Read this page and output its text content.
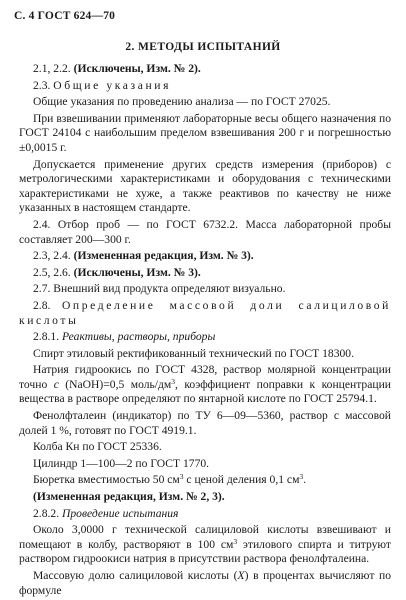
С. 4 ГОСТ 624—70
2. МЕТОДЫ ИСПЫТАНИЙ

2.1, 2.2. (Исключены, Изм. № 2).

2.3. Общие указания

Общие указания по проведению анализа — по ГОСТ 27025.

При взвешивании применяют лабораторные весы общего назначения по ГОСТ 24104 с наибольшим пределом взвешивания 200 г и погрешностью ±0,0015 г.

Допускается применение других средств измерения (приборов) с метрологическими характеристиками и оборудования с техническими характеристиками не хуже, а также реактивов по качеству не ниже указанных в настоящем стандарте.

2.4. Отбор проб — по ГОСТ 6732.2. Масса лабораторной пробы составляет 200—300 г.

2.3, 2.4. (Измененная редакция, Изм. № 3).

2.5, 2.6. (Исключены, Изм. № 3).

2.7. Внешний вид продукта определяют визуально.

2.8. Определение массовой доли салициловой кислоты

2.8.1. Реактивы, растворы, приборы

Спирт этиловый ректификованный технический по ГОСТ 18300.

Натрия гидроокись по ГОСТ 4328, раствор молярной концентрации точно c (NaOH)=0,5 моль/$дм^3$, коэффициент поправки к концентрации вещества в растворе определяют по янтарной кислоте по ГОСТ 25794.1.

Фенолфталеин (индикатор) по ТУ 6—09—5360, раствор с массовой долей 1 %, готовят по ГОСТ 4919.1.

Колба Кн по ГОСТ 25336.

Цилиндр 1—100—2 по ГОСТ 1770.

Бюретка вместимостью 50 $см^3$ с ценой деления 0,1 $см^3$.

(Измененная редакция, Изм. № 2, 3).

2.8.2. Проведение испытания

Около 3,0000 г технической салициловой кислоты взвешивают и помещают в колбу, растворяют в 100 $см^3$ этилового спирта и титруют раствором гидроокиси натрия в присутствии раствора фенолфталеина.

Массовую долю салициловой кислоты (X) в процентах вычисляют по формуле
